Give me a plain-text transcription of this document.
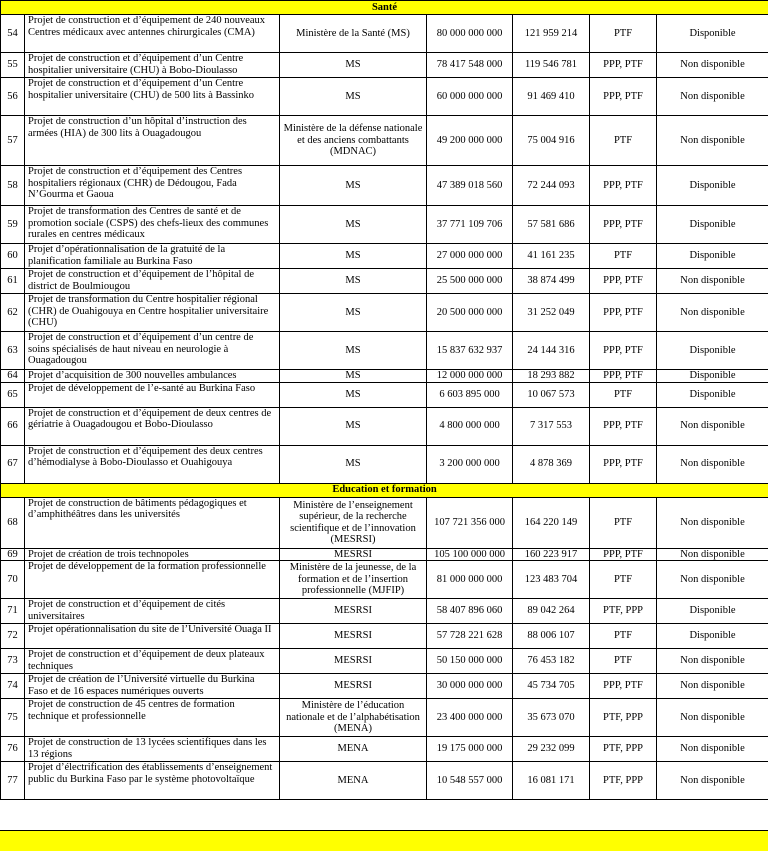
Santé						
54	Projet de construction et d’équipement de 240 nouveaux Centres médicaux avec antennes chirurgicales (CMA)	Ministère de la Santé (MS)	80 000 000 000	121 959 214	PTF	Disponible
55	Projet de construction et d’équipement d’un Centre hospitalier universitaire (CHU) à Bobo-Dioulasso	MS	78 417 548 000	119 546 781	PPP, PTF	Non disponible
56	Projet de construction et d’équipement d’un Centre hospitalier universitaire (CHU) de 500 lits à Bassinko	MS	60 000 000 000	91 469 410	PPP, PTF	Non disponible
57	Projet de construction d’un hôpital d’instruction des armées (HIA) de 300 lits à Ouagadougou	Ministère de la défense nationale et des anciens combattants (MDNAC)	49 200 000 000	75 004 916	PTF	Non disponible
58	Projet de construction et d’équipement des Centres hospitaliers régionaux (CHR) de Dédougou, Fada N’Gourma et Gaoua	MS	47 389 018 560	72 244 093	PPP, PTF	Disponible
59	Projet de transformation des Centres de santé et de promotion sociale (CSPS) des chefs-lieux des communes rurales en centres médicaux	MS	37 771 109 706	57 581 686	PPP, PTF	Disponible
60	Projet d’opérationnalisation de la gratuité de la planification familiale au Burkina Faso	MS	27 000 000 000	41 161 235	PTF	Disponible
61	Projet de construction et d’équipement de l’hôpital de district de Boulmiougou	MS	25 500 000 000	38 874 499	PPP, PTF	Non disponible
62	Projet de transformation du Centre hospitalier régional (CHR) de Ouahigouya en Centre hospitalier universitaire (CHU)	MS	20 500 000 000	31 252 049	PPP, PTF	Non disponible
63	Projet de construction et d’équipement d’un centre de soins spécialisés de haut niveau en neurologie à Ouagadougou	MS	15 837 632 937	24 144 316	PPP, PTF	Disponible
64	Projet d’acquisition de 300 nouvelles ambulances	MS	12 000 000 000	18 293 882	PPP, PTF	Disponible
65	Projet de développement de l’e-santé au Burkina Faso	MS	6 603 895 000	10 067 573	PTF	Disponible
66	Projet de construction et d’équipement de deux centres de gériatrie à Ouagadougou et Bobo-Dioulasso	MS	4 800 000 000	7 317 553	PPP, PTF	Non disponible
67	Projet de construction et d’équipement des deux centres d’hémodialyse à Bobo-Dioulasso et Ouahigouya	MS	3 200 000 000	4 878 369	PPP, PTF	Non disponible
Education et formation						
68	Projet de construction de bâtiments pédagogiques et d’amphithéâtres dans les universités	Ministère de l’enseignement supérieur, de la recherche scientifique et de l’innovation (MESRSI)	107 721 356 000	164 220 149	PTF	Non disponible
69	Projet de création de trois technopoles	MESRSI	105 100 000 000	160 223 917	PPP, PTF	Non disponible
70	Projet de développement de la formation professionnelle	Ministère de la jeunesse, de la formation et de l’insertion professionnelle (MJFIP)	81 000 000 000	123 483 704	PTF	Non disponible
71	Projet de construction et d’équipement de cités universitaires	MESRSI	58 407 896 060	89 042 264	PTF, PPP	Disponible
72	Projet opérationnalisation du site de l’Université Ouaga II	MESRSI	57 728 221 628	88 006 107	PTF	Disponible
73	Projet de construction et d’équipement de deux plateaux techniques	MESRSI	50 150 000 000	76 453 182	PTF	Non disponible
74	Projet de création de l’Université virtuelle du Burkina Faso et de 16 espaces numériques ouverts	MESRSI	30 000 000 000	45 734 705	PPP, PTF	Non disponible
75	Projet de construction de 45 centres de formation technique et professionnelle	Ministère de l’éducation nationale et de l’alphabétisation (MENA)	23 400 000 000	35 673 070	PTF, PPP	Non disponible
76	Projet de construction de 13 lycées scientifiques dans les 13 régions	MENA	19 175 000 000	29 232 099	PTF, PPP	Non disponible
77	Projet d’électrification des établissements d’enseignement public du Burkina Faso par le système photovoltaïque	MENA	10 548 557 000	16 081 171	PTF, PPP	Non disponible
